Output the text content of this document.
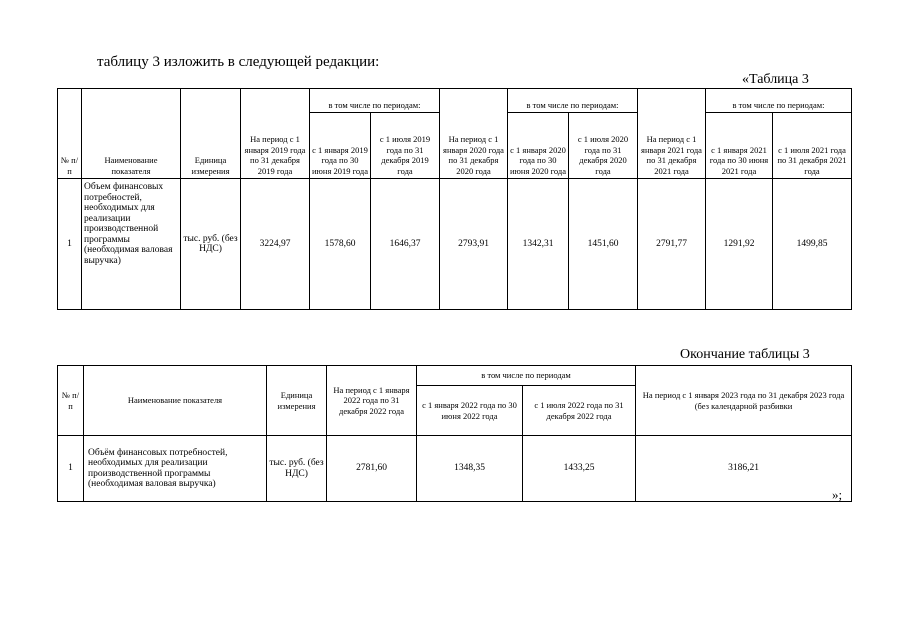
таблицу 3 изложить в следующей редакции:
«Таблица 3
№ п/ п	Наименование показателя	Единица измерения	На период с 1 января 2019 года по 31 декабря 2019 года	в том числе по периодам:		На период с 1 января 2020 года по 31 декабря 2020 года	в том числе по периодам:		На период с 1 января 2021 года по 31 декабря 2021 года	в том числе по периодам:	
				с 1 января 2019 года по 30 июня 2019 года	с 1 июля 2019 года по 31 декабря 2019 года		с 1 января 2020 года по 30 июня 2020 года	с 1 июля 2020 года по 31 декабря 2020 года		с 1 января 2021 года по 30 июня 2021 года	с 1 июля 2021 года по 31 декабря 2021 года
1	Объем финансовых потребностей, необходимых для реализации производственной программы (необходимая валовая выручка)	тыс. руб. (без НДС)	3224,97	1578,60	1646,37	2793,91	1342,31	1451,60	2791,77	1291,92	1499,85
Окончание таблицы 3
№ п/п	Наименование показателя	Единица измерения	На период с 1 января 2022 года по 31 декабря 2022 года	в том числе по периодам		На период с 1 января 2023 года по 31 декабря 2023 года (без календарной разбивки
				с 1 января 2022 года по 30 июня 2022 года	с 1 июля 2022 года по 31 декабря 2022 года	
1	Объём финансовых потребностей, необходимых для реализации производственной программы (необходимая валовая выручка)	тыс. руб. (без НДС)	2781,60	1348,35	1433,25	3186,21
»;
